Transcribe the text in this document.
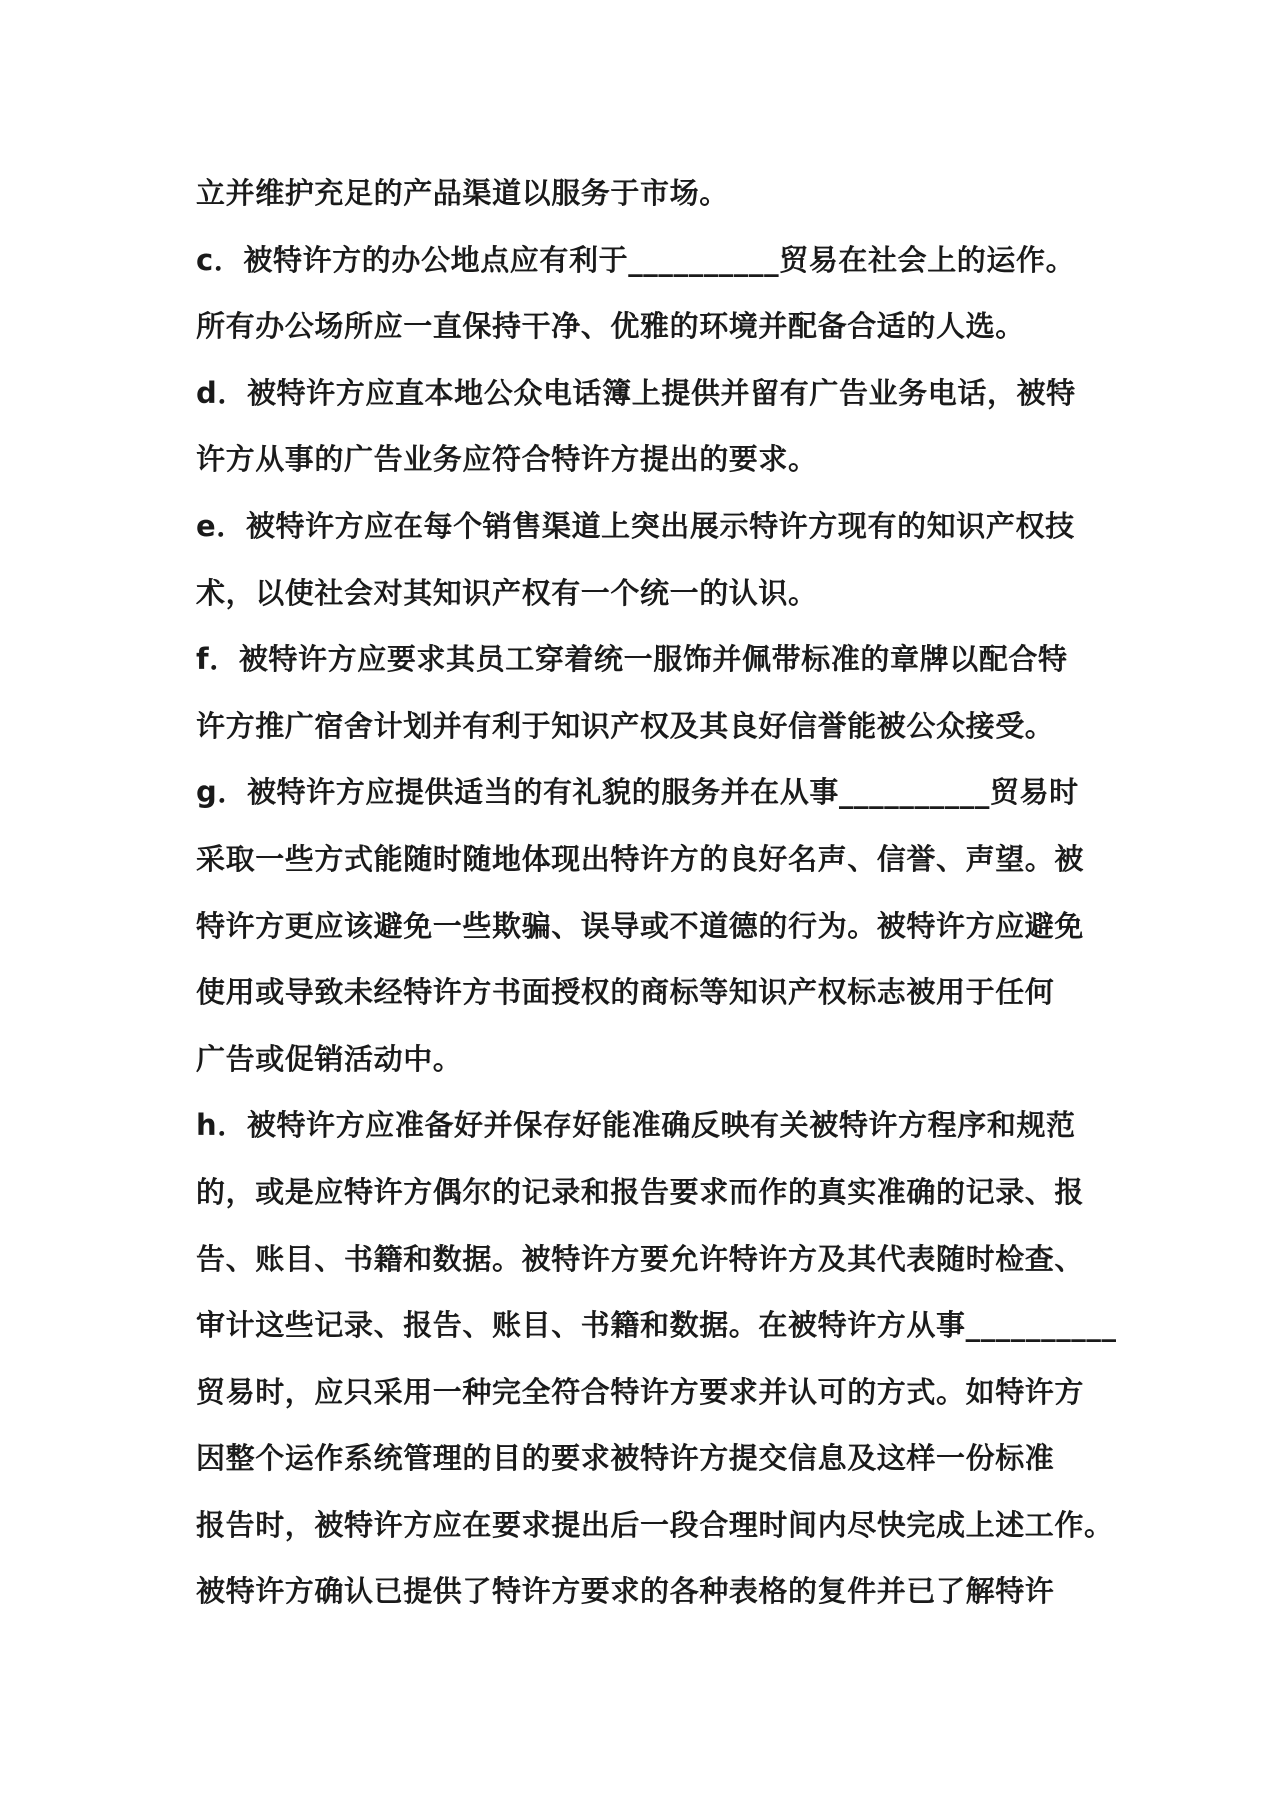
立并维护充足的产品渠道以服务于市场。
c．被特许方的办公地点应有利于__________贸易在社会上的运作。
所有办公场所应一直保持干净、优雅的环境并配备合适的人选。
d．被特许方应直本地公众电话簿上提供并留有广告业务电话，被特
许方从事的广告业务应符合特许方提出的要求。
e．被特许方应在每个销售渠道上突出展示特许方现有的知识产权技
术，以使社会对其知识产权有一个统一的认识。
f．被特许方应要求其员工穿着统一服饰并佩带标准的章牌以配合特
许方推广宿舍计划并有利于知识产权及其良好信誉能被公众接受。
g．被特许方应提供适当的有礼貌的服务并在从事__________贸易时
采取一些方式能随时随地体现出特许方的良好名声、信誉、声望。被
特许方更应该避免一些欺骗、误导或不道德的行为。被特许方应避免
使用或导致未经特许方书面授权的商标等知识产权标志被用于任何
广告或促销活动中。
h．被特许方应准备好并保存好能准确反映有关被特许方程序和规范
的，或是应特许方偶尔的记录和报告要求而作的真实准确的记录、报
告、账目、书籍和数据。被特许方要允许特许方及其代表随时检查、
审计这些记录、报告、账目、书籍和数据。在被特许方从事__________
贸易时，应只采用一种完全符合特许方要求并认可的方式。如特许方
因整个运作系统管理的目的要求被特许方提交信息及这样一份标准
报告时，被特许方应在要求提出后一段合理时间内尽快完成上述工作。
被特许方确认已提供了特许方要求的各种表格的复件并已了解特许
